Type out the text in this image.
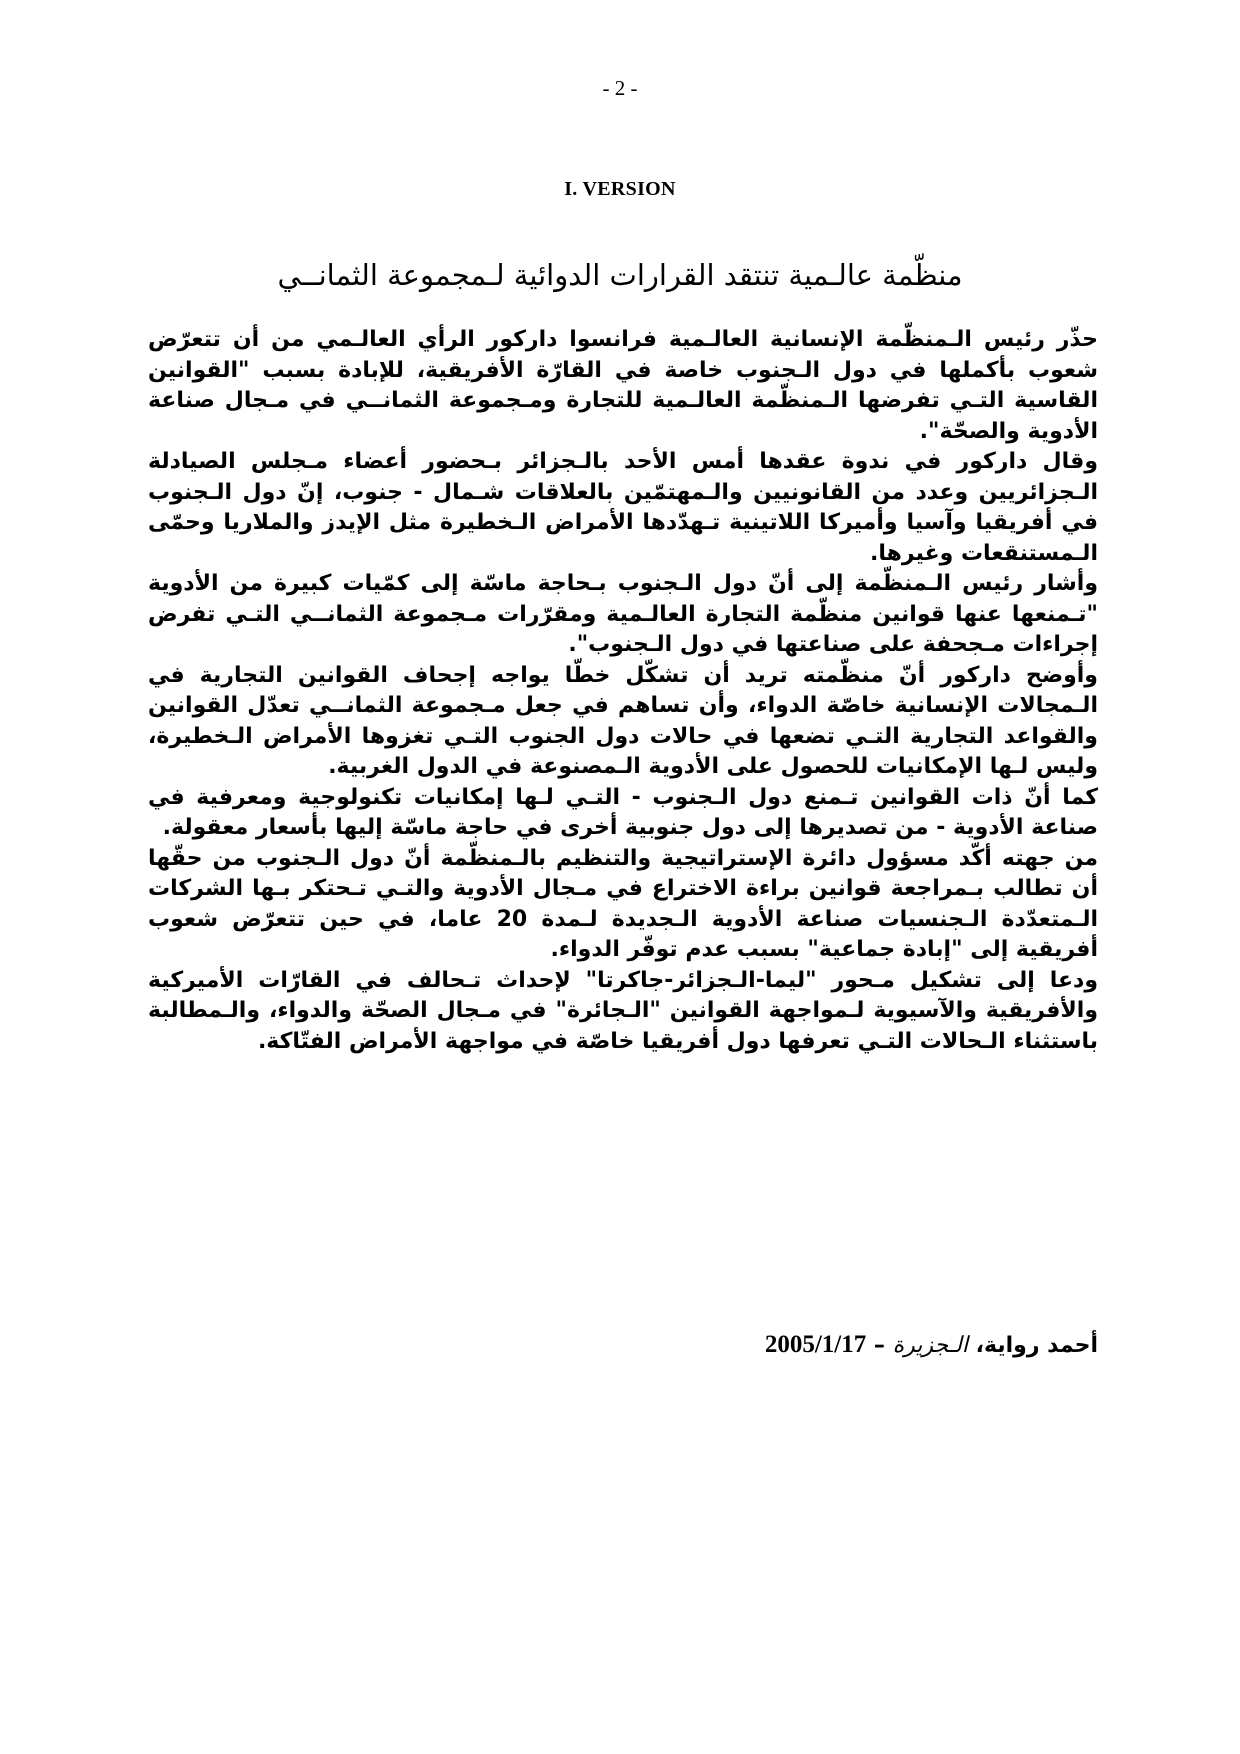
- 2 -
I. VERSION
منظّمة عالـمية تنتقد القرارات الدوائية لـمجموعة الثمانــي

حذّر رئيس الـمنظّمة الإنسانية العالـمية فرانسوا داركور الرأي العالـمي من أن تتعرّض شعوب بأكملها في دول الـجنوب خاصة في القارّة الأفريقية، للإبادة بسبب "القوانين القاسية التـي تفرضها الـمنظّمة العالـمية للتجارة ومـجموعة الثمانــي في مـجال صناعة الأدوية والصحّة".

وقال داركور في ندوة عقدها أمس الأحد بالـجزائر بـحضور أعضاء مـجلس الصيادلة الـجزائريين وعدد من القانونيين والـمهتمّين بالعلاقات شـمال - جنوب، إنّ دول الـجنوب في أفريقيا وآسيا وأميركا اللاتينية تـهدّدها الأمراض الـخطيرة مثل الإيدز والملاريا وحمّى الـمستنقعات وغيرها.

وأشار رئيس الـمنظّمة إلى أنّ دول الـجنوب بـحاجة ماسّة إلى كمّيات كبيرة من الأدوية "تـمنعها عنها قوانين منظّمة التجارة العالـمية ومقرّرات مـجموعة الثمانــي التـي تفرض إجراءات مـجحفة على صناعتها في دول الـجنوب".

وأوضح داركور أنّ منظّمته تريد أن تشكّل خطّا يواجه إجحاف القوانين التجارية في الـمجالات الإنسانية خاصّة الدواء، وأن تساهم في جعل مـجموعة الثمانــي تعدّل القوانين والقواعد التجارية التـي تضعها في حالات دول الجنوب التـي تغزوها الأمراض الـخطيرة، وليس لـها الإمكانيات للحصول على الأدوية الـمصنوعة في الدول الغربية.

كما أنّ ذات القوانين تـمنع دول الـجنوب - التـي لـها إمكانيات تكنولوجية ومعرفية في صناعة الأدوية - من تصديرها إلى دول جنوبية أخرى في حاجة ماسّة إليها بأسعار معقولة.

من جهته أكّد مسؤول دائرة الإستراتيجية والتنظيم بالـمنظّمة أنّ دول الـجنوب من حقّها أن تطالب بـمراجعة قوانين براءة الاختراع في مـجال الأدوية والتـي تـحتكر بـها الشركات الـمتعدّدة الـجنسيات صناعة الأدوية الـجديدة لـمدة 20 عاما، في حين تتعرّض شعوب أفريقية إلى "إبادة جماعية" بسبب عدم توفّر الدواء.

ودعا إلى تشكيل مـحور "ليما-الـجزائر-جاكرتا" لإحداث تـحالف في القارّات الأميركية والأفريقية والآسيوية لـمواجهة القوانين "الـجائرة" في مـجال الصحّة والدواء، والـمطالبة باستثناء الـحالات التـي تعرفها دول أفريقيا خاصّة في مواجهة الأمراض الفتّاكة.

أحمد رواية، الـجزيرة – 2005/1/17
